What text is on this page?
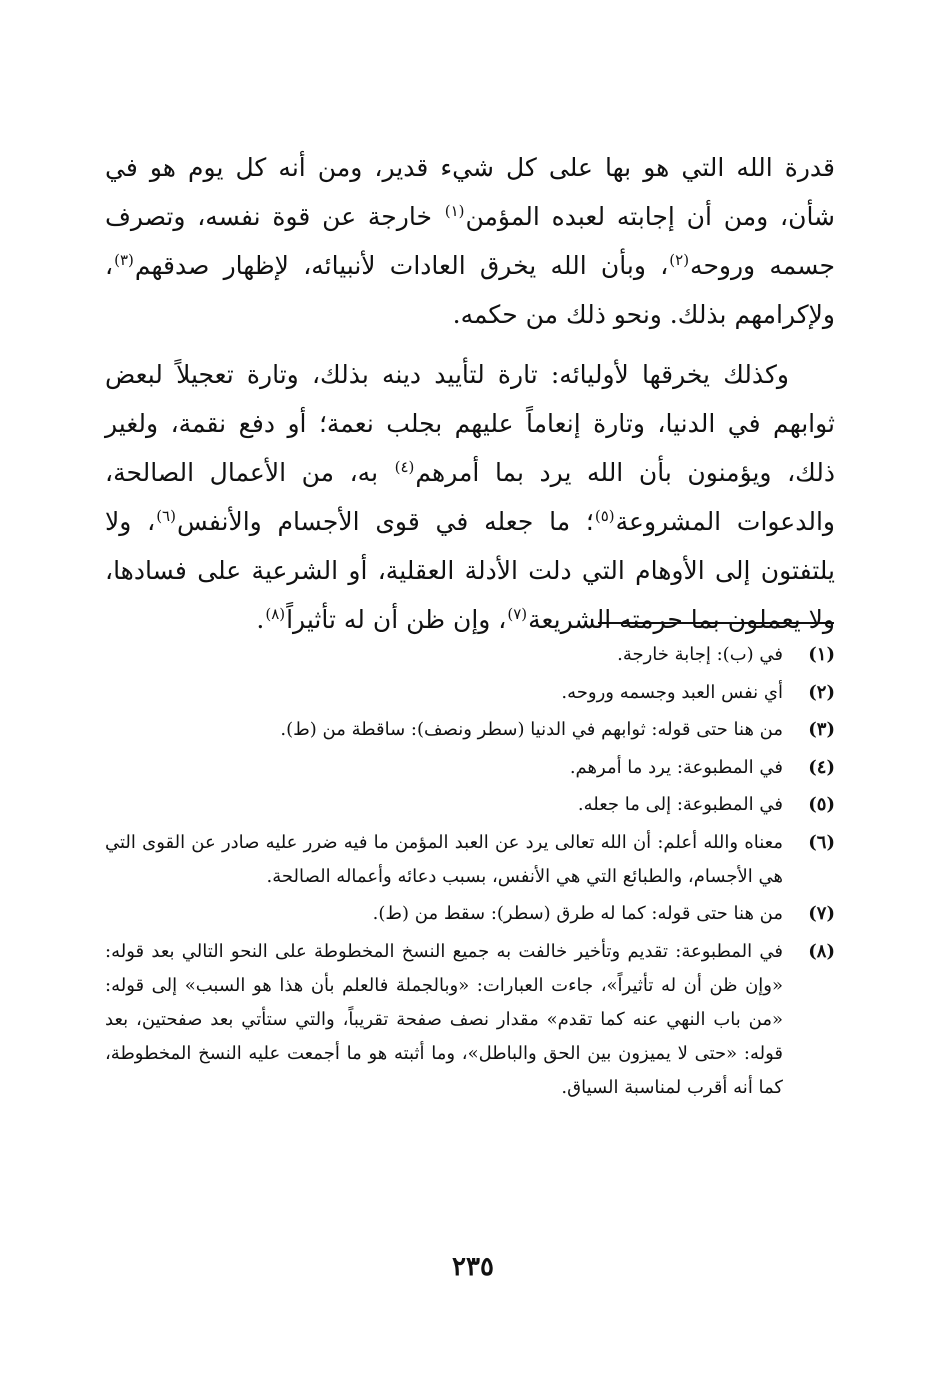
قدرة الله التي هو بها على كل شيء قدير، ومن أنه كل يوم هو في شأن، ومن أن إجابته لعبده المؤمن$^{(١)}$ خارجة عن قوة نفسه، وتصرف جسمه وروحه$^{(٢)}$، وبأن الله يخرق العادات لأنبيائه، لإظهار صدقهم$^{(٣)}$، ولإكرامهم بذلك. ونحو ذلك من حكمه.

وكذلك يخرقها لأوليائه: تارة لتأييد دينه بذلك، وتارة تعجيلاً لبعض ثوابهم في الدنيا، وتارة إنعاماً عليهم بجلب نعمة؛ أو دفع نقمة، ولغير ذلك، ويؤمنون بأن الله يرد بما أمرهم$^{(٤)}$ به، من الأعمال الصالحة، والدعوات المشروعة$^{(٥)}$؛ ما جعله في قوى الأجسام والأنفس$^{(٦)}$، ولا يلتفتون إلى الأوهام التي دلت الأدلة العقلية، أو الشرعية على فسادها، ولا يعملون بما حرمته الشريعة$^{(٧)}$، وإن ظن أن له تأثيراً$^{(٨)}$.

(١)
في (ب): إجابة خارجة.
(٢)
أي نفس العبد وجسمه وروحه.
(٣)
من هنا حتى قوله: ثوابهم في الدنيا (سطر ونصف): ساقطة من (ط).
(٤)
في المطبوعة: يرد ما أمرهم.
(٥)
في المطبوعة: إلى ما جعله.
(٦)
معناه والله أعلم: أن الله تعالى يرد عن العبد المؤمن ما فيه ضرر عليه صادر عن القوى التي هي الأجسام، والطبائع التي هي الأنفس، بسبب دعائه وأعماله الصالحة.
(٧)
من هنا حتى قوله: كما له طرق (سطر): سقط من (ط).
(٨)
في المطبوعة: تقديم وتأخير خالفت به جميع النسخ المخطوطة على النحو التالي بعد قوله: «وإن ظن أن له تأثيراً»، جاءت العبارات: «وبالجملة فالعلم بأن هذا هو السبب» إلى قوله: «من باب النهي عنه كما تقدم» مقدار نصف صفحة تقريباً، والتي ستأتي بعد صفحتين، بعد قوله: «حتى لا يميزون بين الحق والباطل»، وما أثبته هو ما أجمعت عليه النسخ المخطوطة، كما أنه أقرب لمناسبة السياق.
٢٣٥
